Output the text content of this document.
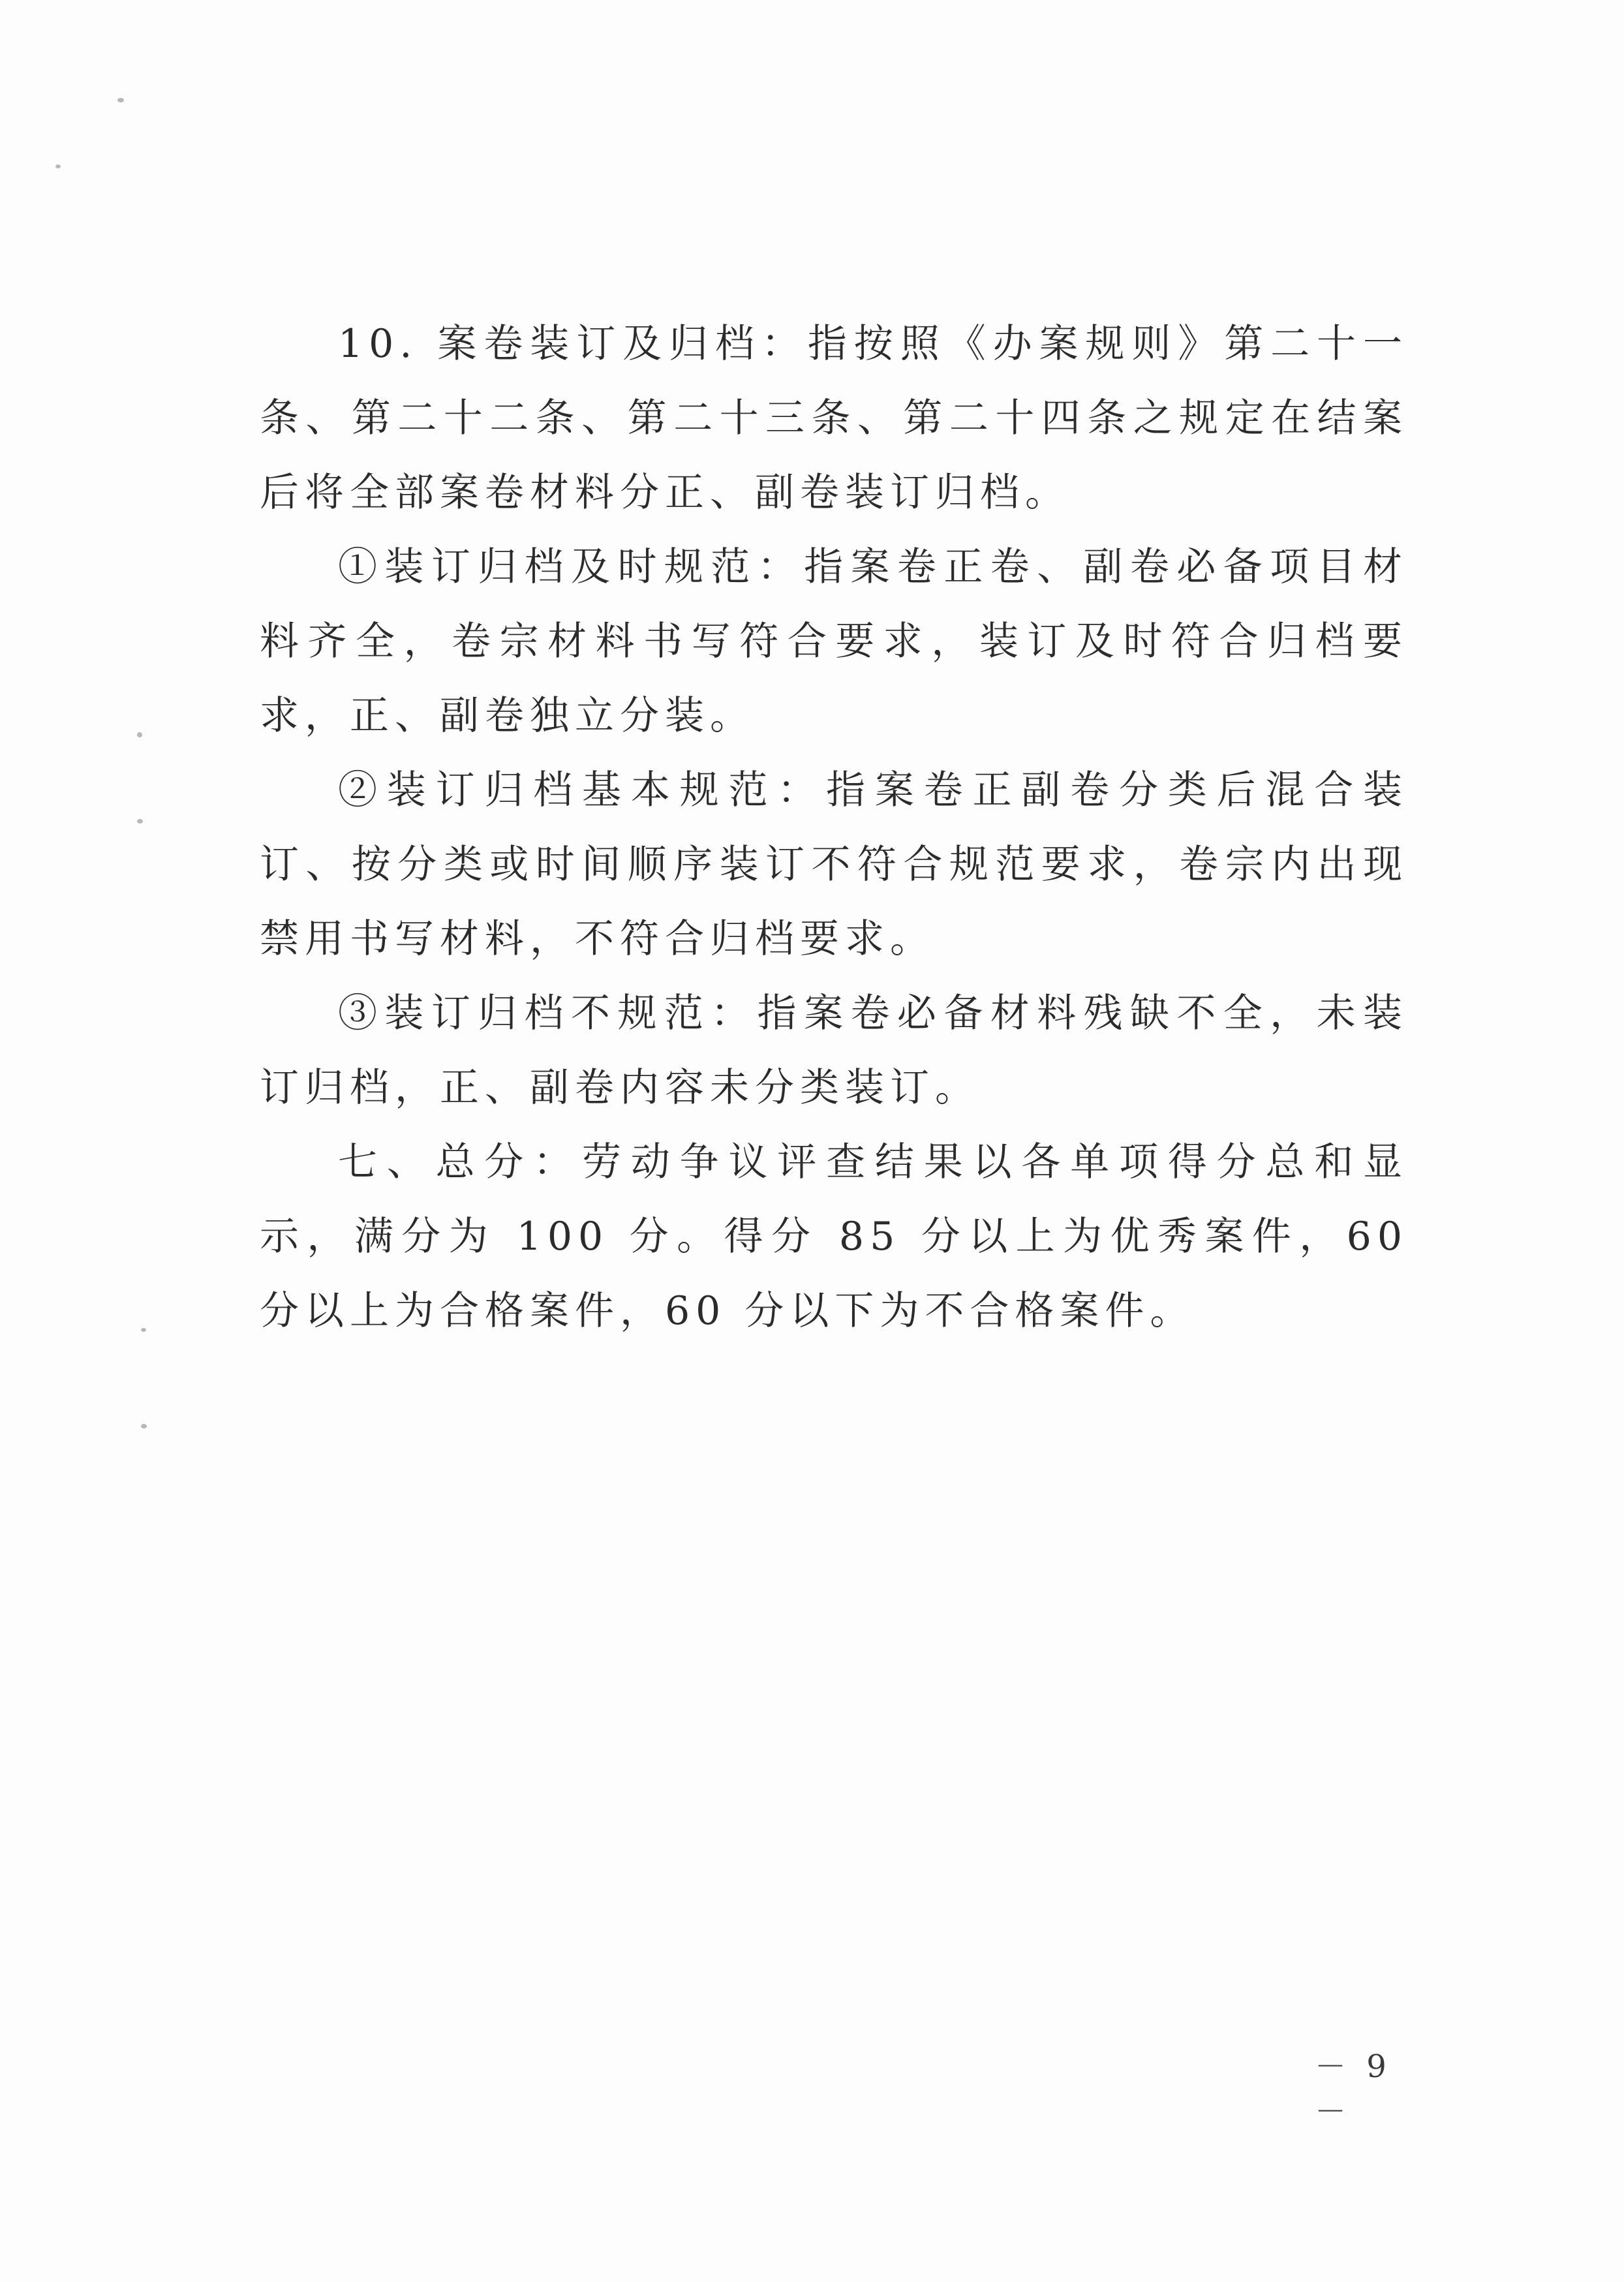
10. 案卷装订及归档：指按照《办案规则》第二十一条、第二十二条、第二十三条、第二十四条之规定在结案后将全部案卷材料分正、副卷装订归档。

①装订归档及时规范：指案卷正卷、副卷必备项目材料齐全，卷宗材料书写符合要求，装订及时符合归档要求，正、副卷独立分装。

②装订归档基本规范：指案卷正副卷分类后混合装订、按分类或时间顺序装订不符合规范要求，卷宗内出现禁用书写材料，不符合归档要求。

③装订归档不规范：指案卷必备材料残缺不全，未装订归档，正、副卷内容未分类装订。

七、总分：劳动争议评查结果以各单项得分总和显示，满分为 100 分。得分 85 分以上为优秀案件，60 分以上为合格案件，60 分以下为不合格案件。

－ 9 －
